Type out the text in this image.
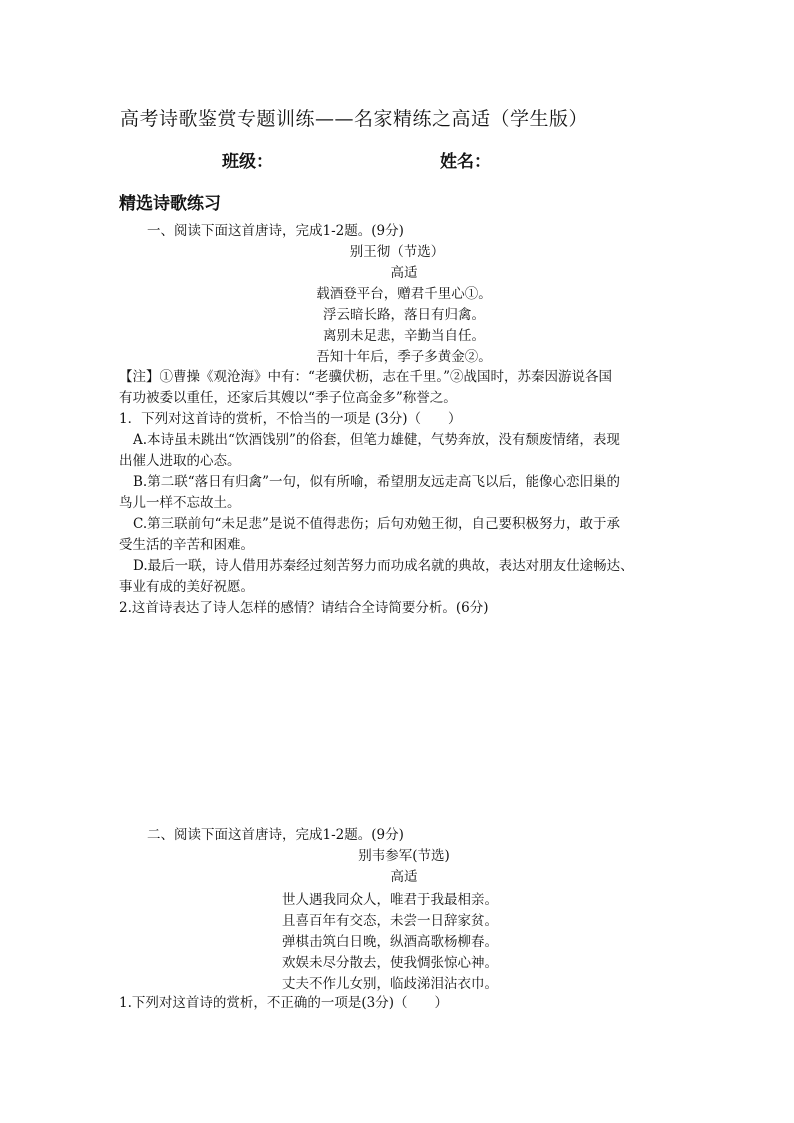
高考诗歌鉴赏专题训练——名家精练之高适（学生版）
班级：	姓名：
精选诗歌练习
一、阅读下面这首唐诗，完成1-2题。(9分)
别王彻（节选）
高适
载酒登平台，赠君千里心①。
浮云暗长路，落日有归禽。
离别未足悲，辛勤当自任。
吾知十年后，季子多黄金②。
【注】①曹操《观沧海》中有：“老骥伏枥，志在千里。”②战国时，苏秦因游说各国
有功被委以重任，还家后其嫂以“季子位高金多”称誉之。
1．下列对这首诗的赏析，不恰当的一项是 (3分)（　　）
A.本诗虽未跳出“饮酒饯别”的俗套，但笔力雄健，气势奔放，没有颓废情绪，表现
出催人进取的心态。
B.第二联“落日有归禽”一句，似有所喻，希望朋友远走高飞以后，能像心恋旧巢的
鸟儿一样不忘故土。
C.第三联前句“未足悲”是说不值得悲伤；后句劝勉王彻，自己要积极努力，敢于承
受生活的辛苦和困难。
D.最后一联，诗人借用苏秦经过刻苦努力而功成名就的典故，表达对朋友仕途畅达、
事业有成的美好祝愿。
2.这首诗表达了诗人怎样的感情？请结合全诗简要分析。(6分)
二、阅读下面这首唐诗，完成1-2题。(9分)
别韦参军(节选)
高适
世人遇我同众人，唯君于我最相亲。
且喜百年有交态，未尝一日辞家贫。
弹棋击筑白日晚，纵酒高歌杨柳春。
欢娱未尽分散去，使我惆张惊心神。
丈夫不作儿女别，临歧涕泪沾衣巾。
1.下列对这首诗的赏析，不正确的一项是(3分)（　　）
